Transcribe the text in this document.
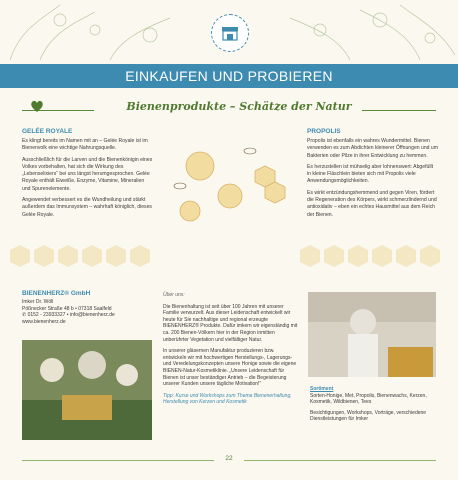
EINKAUFEN UND PROBIEREN
Bienenprodukte – Schätze der Natur
GELÉE ROYALE

Es klingt bereits im Namen mit an – Gelée Royale ist im Bienenvolk eine wichtige Nahrungsquelle.

Ausschließlich für die Larven und die Bienenkönigin eines Volkes vorbehalten, hat sich die Wirkung des „Lebenselixiers“ bei uns längst herumgesprochen. Gelée Royale enthält Eiweiße, Enzyme, Vitamine, Mineralien und Spurenelemente.

Angewendet verbessert es die Wundheilung und stärkt außerdem das Immunsystem – wahrhaft königlich, dieses Gelée Royale.

PROPOLIS

Propolis ist ebenfalls ein wahres Wundermittel. Bienen verwenden es zum Abdichten kleinerer Öffnungen und um Bakterien oder Pilze in ihrer Entwicklung zu hemmen.

Es herzustellen ist mühselig aber lohnenswert: Abgefüllt in kleine Fläschlein bieten sich mit Propolis viele Anwendungsmöglichkeiten.

Es wirkt entzündungshemmend und gegen Viren, fördert die Regeneration des Körpers, wirkt schmerzlindernd und antioxidativ – eben ein echtes Hausmittel aus dem Reich der Bienen.

BIENENHERZ® GmbH
Imker Dr. Wöll
Pößnecker Straße 48 b • 07318 Saalfeld
✆ 0152 - 23933327 • info@bienenherz.de
www.bienenherz.de

Über uns:

Die Bienenhaltung ist seit über 100 Jahren mit unserer Familie verwurzelt. Aus dieser Leidenschaft entwickelt wir heute für Sie nachhaltige und regional erzeugte BIENENHERZ® Produkte. Dafür imkern wir eigenständig mit ca. 200 Bienen-Völkern hier in der Region inmitten unberührter Vegetation und vielfältiger Natur.

In unserer gläsernen Manufaktur produzieren bzw. entwickeln wir mit hochwertigen Herstellungs-, Lagerungs- und Veredelungskonzepten unsere Honige sowie die eigene BIENEN-Natur-Kosmetiklinie. „Unsere Leidenschaft für Bienen ist unser beständiger Antrieb – die Begeisterung unserer Kunden unsere tägliche Motivation!“

Tipp: Kurse und Workshops zum Thema Bienenerhaltung, Herstellung von Kerzen und Kosmetik

Sortiment

Sorten-Honige, Met, Propolis, Bienenwachs, Kerzen, Kosmetik, Wildbienen, Tees

Besichtigungen, Workshops, Vorträge, verschiedene Dienstleistungen für Imker

22
